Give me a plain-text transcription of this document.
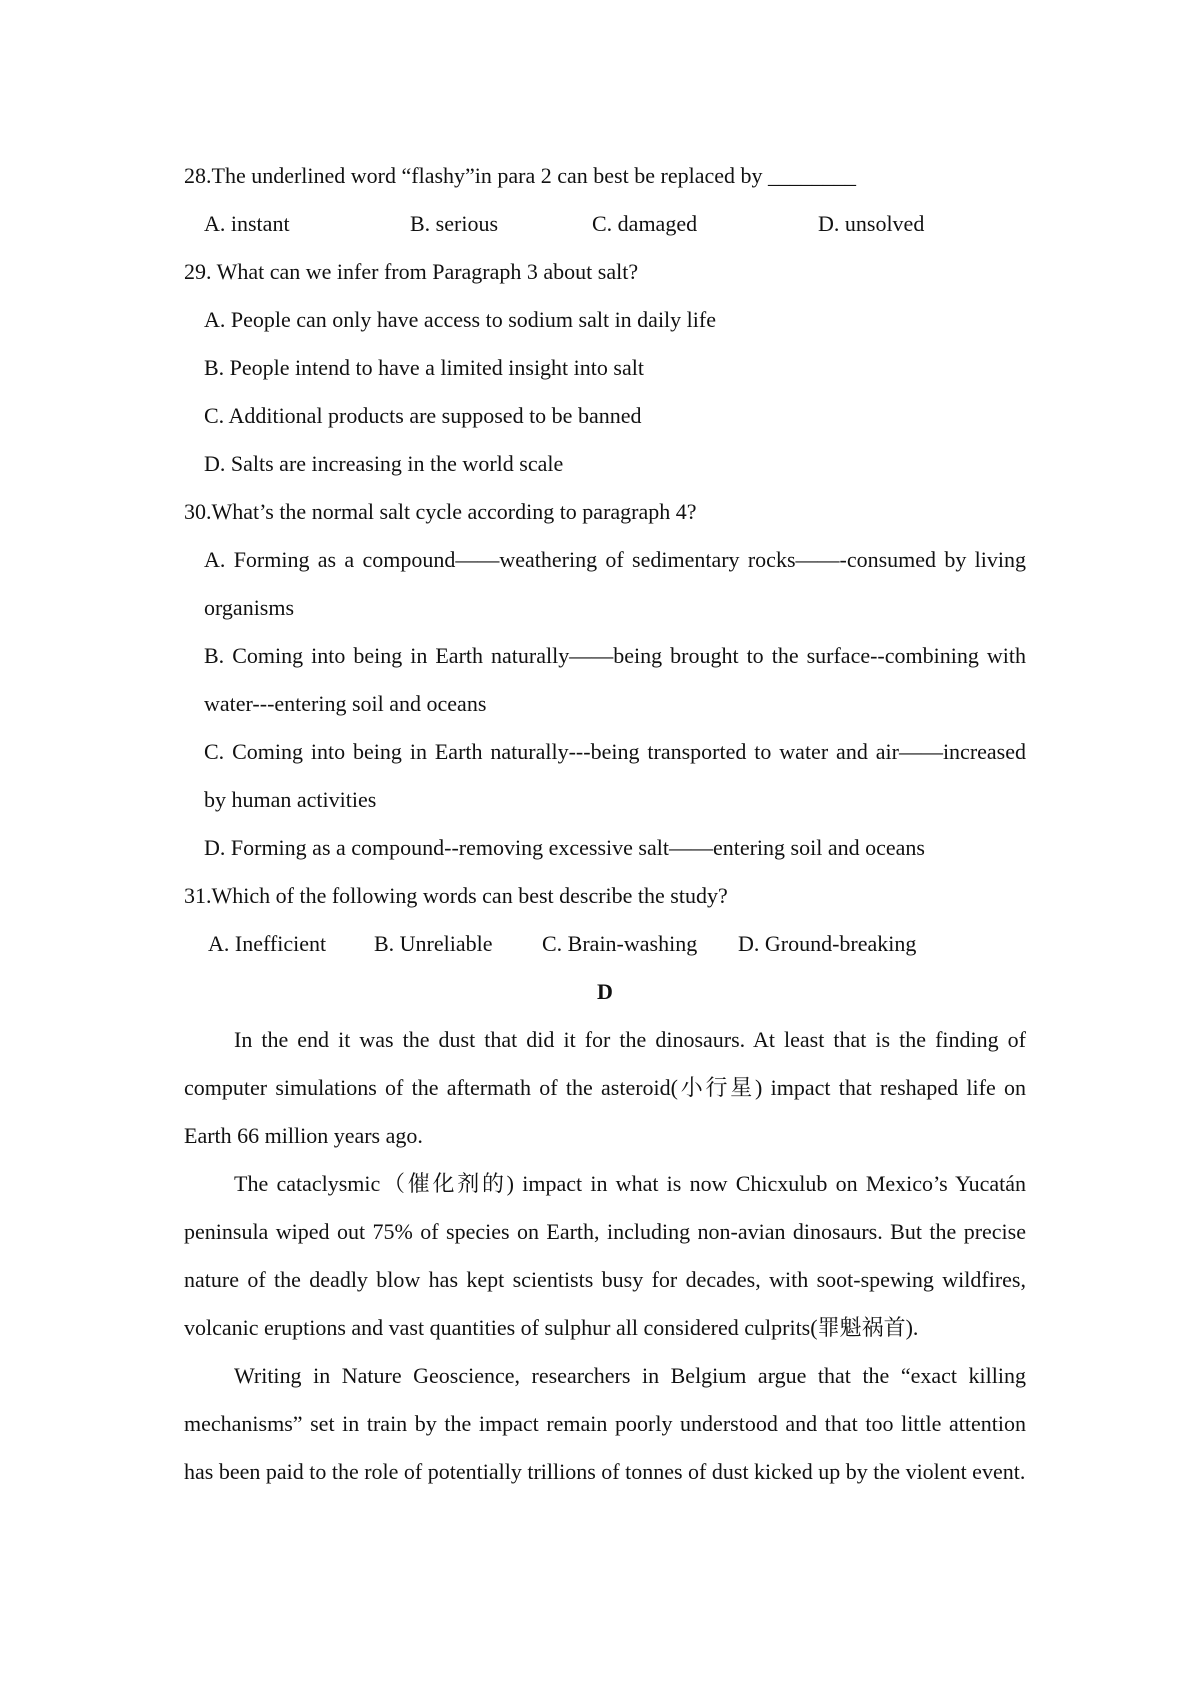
28.The underlined word “flashy”in para 2 can best be replaced by ________
A. instant	B. serious	C. damaged	D. unsolved
29. What can we infer from Paragraph 3 about salt?
A. People can only have access to sodium salt in daily life
B. People intend to have a limited insight into salt
C. Additional products are supposed to be banned
D. Salts are increasing in the world scale
30.What’s the normal salt cycle according to paragraph 4?
A. Forming as a compound——weathering of sedimentary rocks——-consumed by living organisms
B. Coming into being in Earth naturally——being brought to the surface--combining with water---entering soil and oceans
C. Coming into being in Earth naturally---being transported to water and air——increased by human activities
D. Forming as a compound--removing excessive salt——entering soil and oceans
31.Which of the following words can best describe the study?
A. Inefficient B. Unreliable C. Brain-washing D. Ground-breaking
D

In the end it was the dust that did it for the dinosaurs. At least that is the finding of computer simulations of the aftermath of the asteroid(小行星) impact that reshaped life on Earth 66 million years ago.

The cataclysmic（催化剂的) impact in what is now Chicxulub on Mexico’s Yucatán peninsula wiped out 75% of species on Earth, including non-avian dinosaurs. But the precise nature of the deadly blow has kept scientists busy for decades, with soot-spewing wildfires, volcanic eruptions and vast quantities of sulphur all considered culprits(罪魁祸首).

Writing in Nature Geoscience, researchers in Belgium argue that the “exact killing mechanisms” set in train by the impact remain poorly understood and that too little attention has been paid to the role of potentially trillions of tonnes of dust kicked up by the violent event.
